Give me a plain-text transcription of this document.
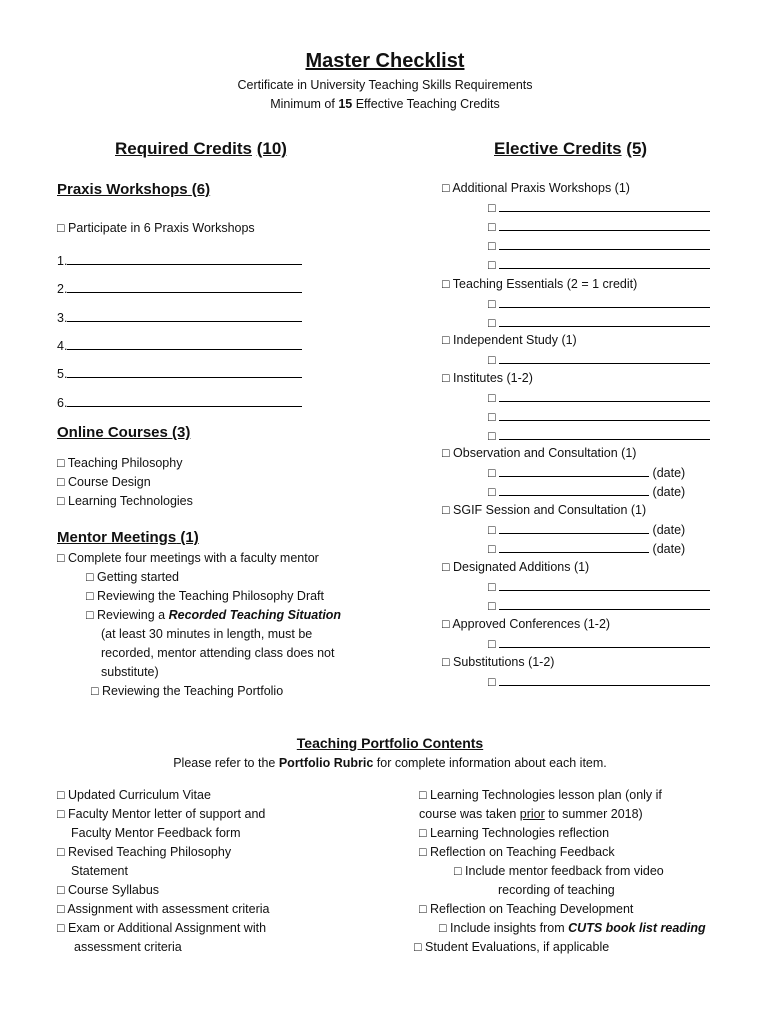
Master Checklist
Certificate in University Teaching Skills Requirements
Minimum of 15 Effective Teaching Credits
Required Credits (10)
Praxis Workshops (6)
□ Participate in 6 Praxis Workshops
1.
2.
3.
4.
5.
6.
Online Courses (3)
□ Teaching Philosophy
□ Course Design
□ Learning Technologies
Mentor Meetings (1)
□ Complete four meetings with a faculty mentor
□ Getting started
□ Reviewing the Teaching Philosophy Draft
□ Reviewing a Recorded Teaching Situation
(at least 30 minutes in length, must be
recorded, mentor attending class does not
substitute)
□ Reviewing the Teaching Portfolio
Elective Credits (5)
□ Additional Praxis Workshops (1)
□
□
□
□
□ Teaching Essentials (2 = 1 credit)
□
□
□ Independent Study (1)
□
□ Institutes (1-2)
□
□
□
□ Observation and Consultation (1)
□	(date)
□	(date)
□ SGIF Session and Consultation (1)
□	(date)
□	(date)
□ Designated Additions (1)
□
□
□ Approved Conferences (1-2)
□
□ Substitutions (1-2)
□
Teaching Portfolio Contents
Please refer to the Portfolio Rubric for complete information about each item.
□ Updated Curriculum Vitae
□ Faculty Mentor letter of support and
Faculty Mentor Feedback form
□ Revised Teaching Philosophy
Statement
□ Course Syllabus
□ Assignment with assessment criteria
□ Exam or Additional Assignment with
assessment criteria
□ Learning Technologies lesson plan (only if
course was taken prior to summer 2018)
□ Learning Technologies reflection
□ Reflection on Teaching Feedback
□ Include mentor feedback from video
recording of teaching
□ Reflection on Teaching Development
□ Include insights from CUTS book list reading
□ Student Evaluations, if applicable
